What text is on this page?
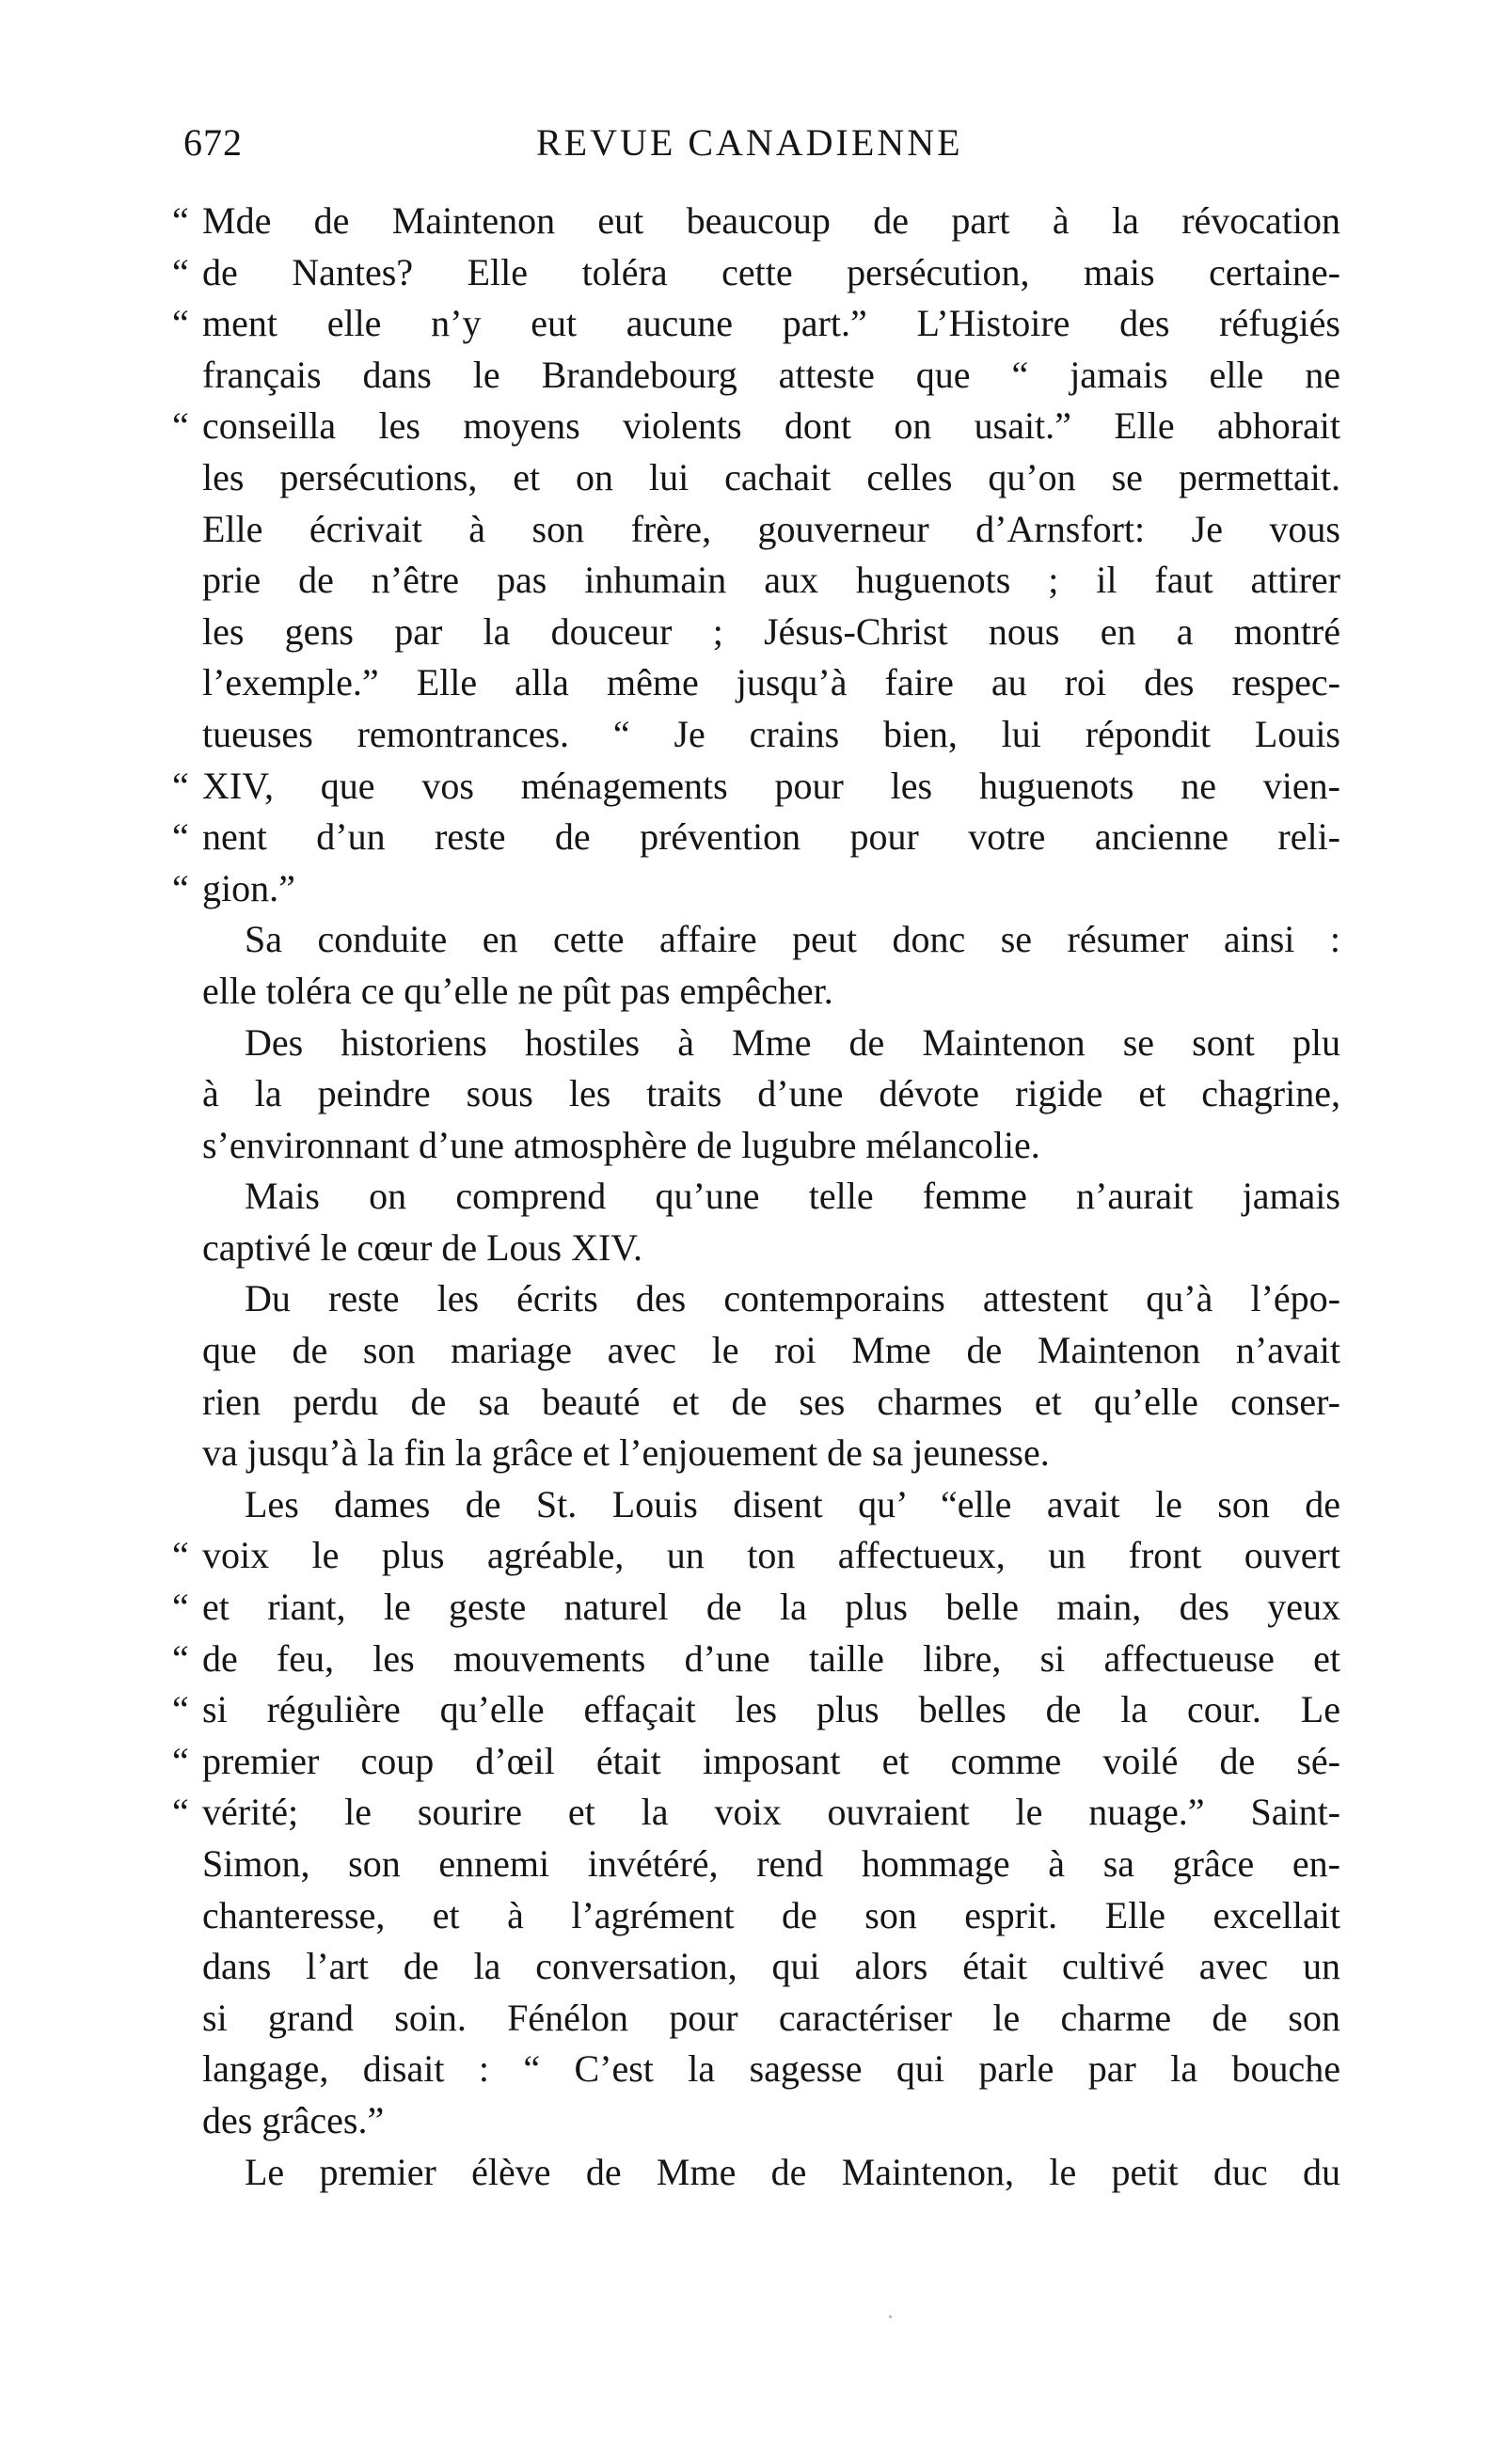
672	REVUE CANADIENNE
“ Mde de Maintenon eut beaucoup de part à la révocation
“ de Nantes? Elle toléra cette persécution, mais certaine-
“ ment elle n’y eut aucune part.” L’Histoire des réfugiés
français dans le Brandebourg atteste que “ jamais elle ne
“ conseilla les moyens violents dont on usait.” Elle abhorait
les persécutions, et on lui cachait celles qu’on se permettait.
Elle écrivait à son frère, gouverneur d’Arnsfort: Je vous
prie de n’être pas inhumain aux huguenots ; il faut attirer
les gens par la douceur ; Jésus-Christ nous en a montré
l’exemple.” Elle alla même jusqu’à faire au roi des respec-
tueuses remontrances. “ Je crains bien, lui répondit Louis
“ XIV, que vos ménagements pour les huguenots ne vien-
“ nent d’un reste de prévention pour votre ancienne reli-
“ gion.”
Sa conduite en cette affaire peut donc se résumer ainsi :
elle toléra ce qu’elle ne pût pas empêcher.
Des historiens hostiles à Mme de Maintenon se sont plu
à la peindre sous les traits d’une dévote rigide et chagrine,
s’environnant d’une atmosphère de lugubre mélancolie.
Mais on comprend qu’une telle femme n’aurait jamais
captivé le cœur de Lous XIV.
Du reste les écrits des contemporains attestent qu’à l’épo-
que de son mariage avec le roi Mme de Maintenon n’avait
rien perdu de sa beauté et de ses charmes et qu’elle conser-
va jusqu’à la fin la grâce et l’enjouement de sa jeunesse.
Les dames de St. Louis disent qu’ “elle avait le son de
“ voix le plus agréable, un ton affectueux, un front ouvert
“ et riant, le geste naturel de la plus belle main, des yeux
“ de feu, les mouvements d’une taille libre, si affectueuse et
“ si régulière qu’elle effaçait les plus belles de la cour. Le
“ premier coup d’œil était imposant et comme voilé de sé-
“ vérité; le sourire et la voix ouvraient le nuage.” Saint-
Simon, son ennemi invétéré, rend hommage à sa grâce en-
chanteresse, et à l’agrément de son esprit. Elle excellait
dans l’art de la conversation, qui alors était cultivé avec un
si grand soin. Fénélon pour caractériser le charme de son
langage, disait : “ C’est la sagesse qui parle par la bouche
des grâces.”
Le premier élève de Mme de Maintenon, le petit duc du
